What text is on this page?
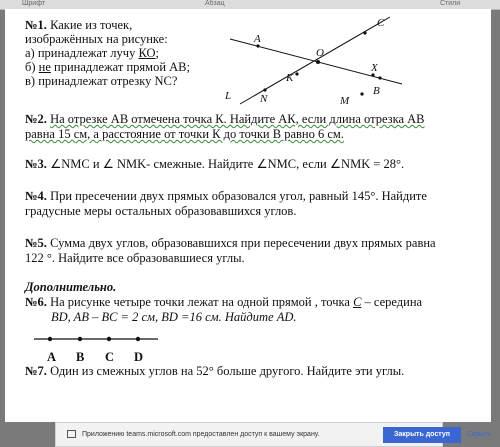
Шрифт	Абзац	Стили
№1. Какие из точек,
изображённых на рисунке:
а) принадлежат лучу КО;
б) не принадлежат прямой АВ;
в) принадлежат отрезку NC?
C
A
O
K
X
L	N	M
B
№2. На отрезке АВ отмечена точка К. Найдите АК, если длина отрезка АВ
равна 15 см, а расстояние от точки К до точки В равно 6 см.
№3. ∠NMC и ∠ NMK- смежные. Найдите ∠NMC, если ∠NMK = 28°.
№4. При пресечении двух прямых образовался угол, равный 145°. Найдите
градусные меры остальных образовавшихся углов.
№5. Сумма двух углов, образовавшихся при пересечении двух прямых равна
122 °. Найдите все образовавшиеся углы.
Дополнительно.
№6. На рисунке четыре точки лежат на одной прямой , точка С – середина
BD, AB – BC = 2 см, BD =16 см. Найдите AD.
A B C D
№7. Один из смежных углов на 52° больше другого. Найдите эти углы.
Приложению teams.microsoft.com предоставлен доступ к вашему экрану.	Закрыть доступ	Скрыть
